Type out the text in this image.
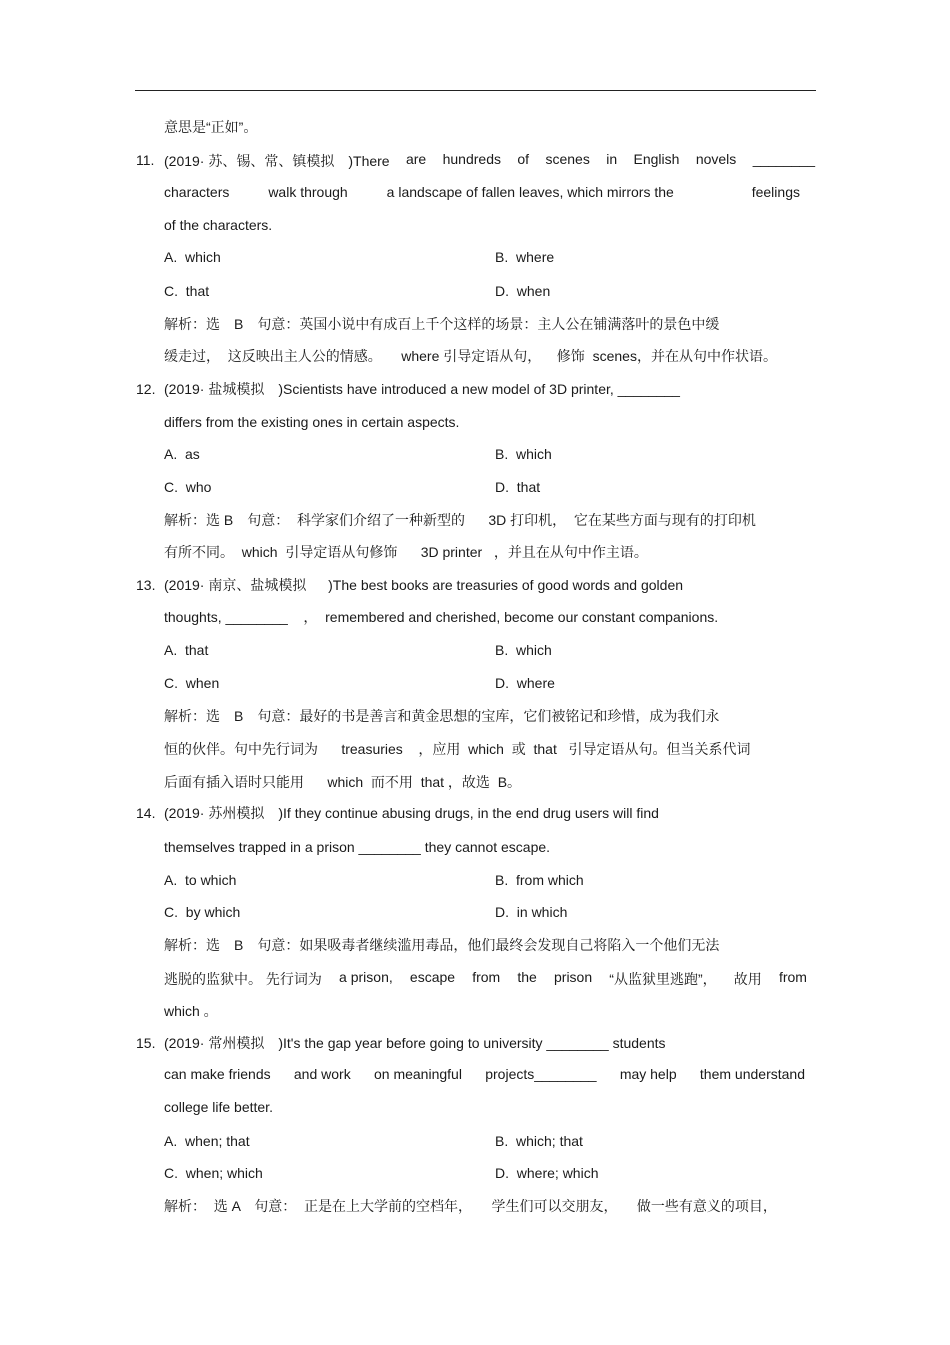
意思是“正如”。
11. (2019· 苏、锡、常、镇模拟　)There are hundreds of scenes in English novels ________
characters	walk through	a landscape of fallen leaves, which mirrors the	feelings
of the characters.
A.  which	B.  where
C.  that	D.  when
解析：选　B　句意：英国小说中有成百上千个这样的场景：主人公在铺满落叶的景色中缓
缓走过，  这反映出主人公的情感。     where 引导定语从句，    修饰  scenes，并在从句中作状语。
12. (2019· 盐城模拟　)Scientists have introduced a new model of 3D printer, ________
differs from the existing ones in certain aspects.
A.  as	B.  which
C.  who	D.  that
解析：选 B　句意：  科学家们介绍了一种新型的      3D 打印机，  它在某些方面与现有的打印机
有所不同。  which  引导定语从句修饰      3D printer   ，并且在从句中作主语。
13. (2019· 南京、盐城模拟　  )The best books are treasuries of good words and golden
thoughts, ________    ，  remembered and cherished, become our constant companions.
A.  that	B.  which
C.  when	D.  where
解析：选　B　句意：最好的书是善言和黄金思想的宝库，它们被铭记和珍惜，成为我们永
恒的伙伴。句中先行词为      treasuries    ，应用  which  或  that   引导定语从句。但当关系代词
后面有插入语时只能用      which  而不用  that ，故选  B。
14. (2019· 苏州模拟　)If they continue abusing drugs, in the end drug users will find
themselves trapped in a prison ________ they cannot escape.
A.  to which	B.  from which
C.  by which	D.  in which
解析：选　B　句意：如果吸毒者继续滥用毒品，他们最终会发现自己将陷入一个他们无法
逃脱的监狱中。 先行词为 a prison, escape from the prison “从监狱里逃跑”， 故用 from
which 。
15. (2019· 常州模拟　)It's the gap year before going to university ________ students
can make friends and work on meaningful projects________ may help them understand
college life better.
A.  when; that	B.  which; that
C.  when; which	D.  where; which
解析：  选 A　句意：  正是在上大学前的空档年，     学生们可以交朋友，     做一些有意义的项目，
